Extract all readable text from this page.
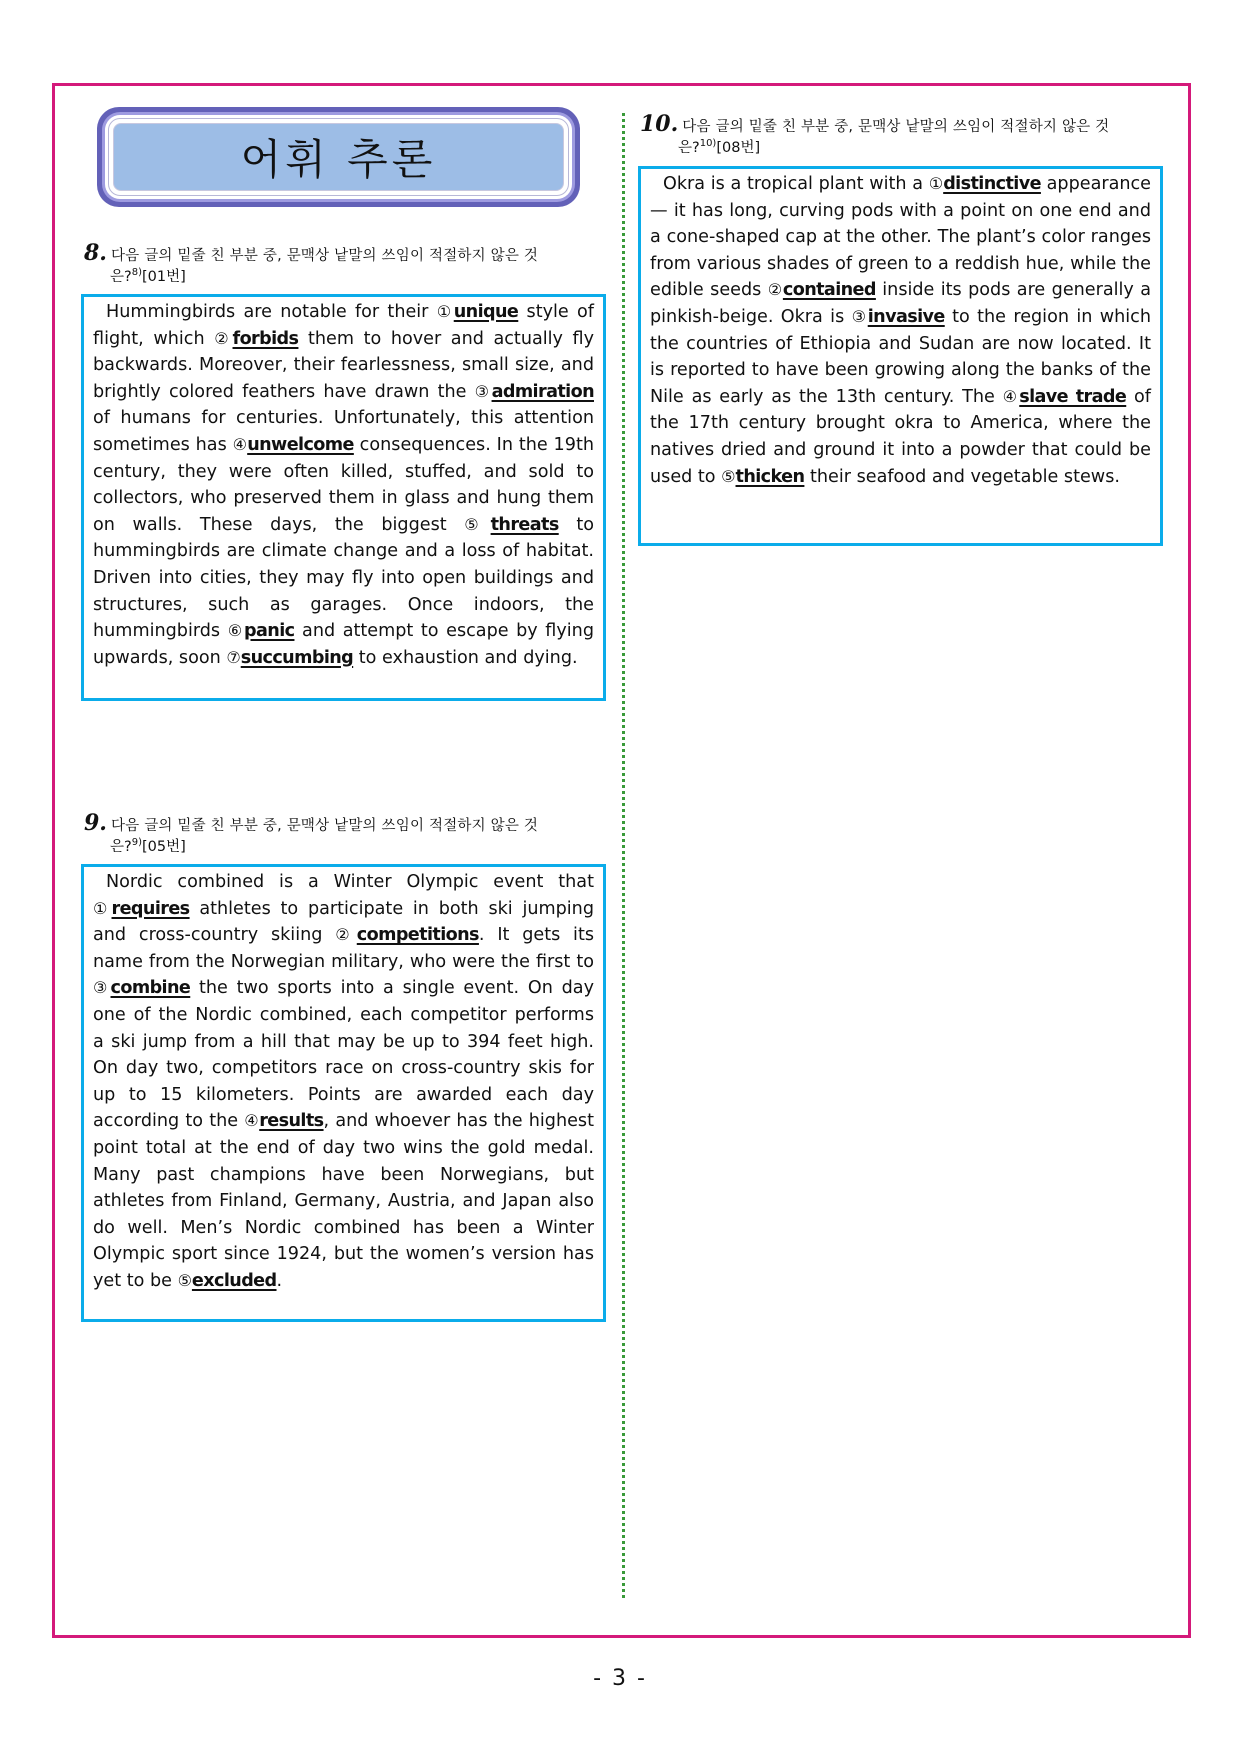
어휘 추론
8. 다음 글의 밑줄 친 부분 중, 문맥상 낱말의 쓰임이 적절하지 않은 것
은?$^{8)}$[01번]

Hummingbirds are notable for their ①unique style of flight, which ②forbids them to hover and actually fly backwards. Moreover, their fearlessness, small size, and brightly colored feathers have drawn the ③admiration of humans for centuries. Unfortunately, this attention sometimes has ④unwelcome consequences. In the 19th century, they were often killed, stuffed, and sold to collectors, who preserved them in glass and hung them on walls. These days, the biggest ⑤threats to hummingbirds are climate change and a loss of habitat. Driven into cities, they may fly into open buildings and structures, such as garages. Once indoors, the hummingbirds ⑥panic and attempt to escape by flying upwards, soon ⑦succumbing to exhaustion and dying.

9. 다음 글의 밑줄 친 부분 중, 문맥상 낱말의 쓰임이 적절하지 않은 것
은?$^{9)}$[05번]

Nordic combined is a Winter Olympic event that ①requires athletes to participate in both ski jumping and cross-country skiing ②competitions. It gets its name from the Norwegian military, who were the first to ③combine the two sports into a single event. On day one of the Nordic combined, each competitor performs a ski jump from a hill that may be up to 394 feet high. On day two, competitors race on cross-country skis for up to 15 kilometers. Points are awarded each day according to the ④results, and whoever has the highest point total at the end of day two wins the gold medal. Many past champions have been Norwegians, but athletes from Finland, Germany, Austria, and Japan also do well. Men’s Nordic combined has been a Winter Olympic sport since 1924, but the women’s version has yet to be ⑤excluded.

10. 다음 글의 밑줄 친 부분 중, 문맥상 낱말의 쓰임이 적절하지 않은 것
은?$^{10)}$[08번]

Okra is a tropical plant with a ①distinctive appearance — it has long, curving pods with a point on one end and a cone-shaped cap at the other. The plant’s color ranges from various shades of green to a reddish hue, while the edible seeds ②contained inside its pods are generally a pinkish-beige. Okra is ③invasive to the region in which the countries of Ethiopia and Sudan are now located. It is reported to have been growing along the banks of the Nile as early as the 13th century. The ④slave trade of the 17th century brought okra to America, where the natives dried and ground it into a powder that could be used to ⑤thicken their seafood and vegetable stews.

- 3 -
